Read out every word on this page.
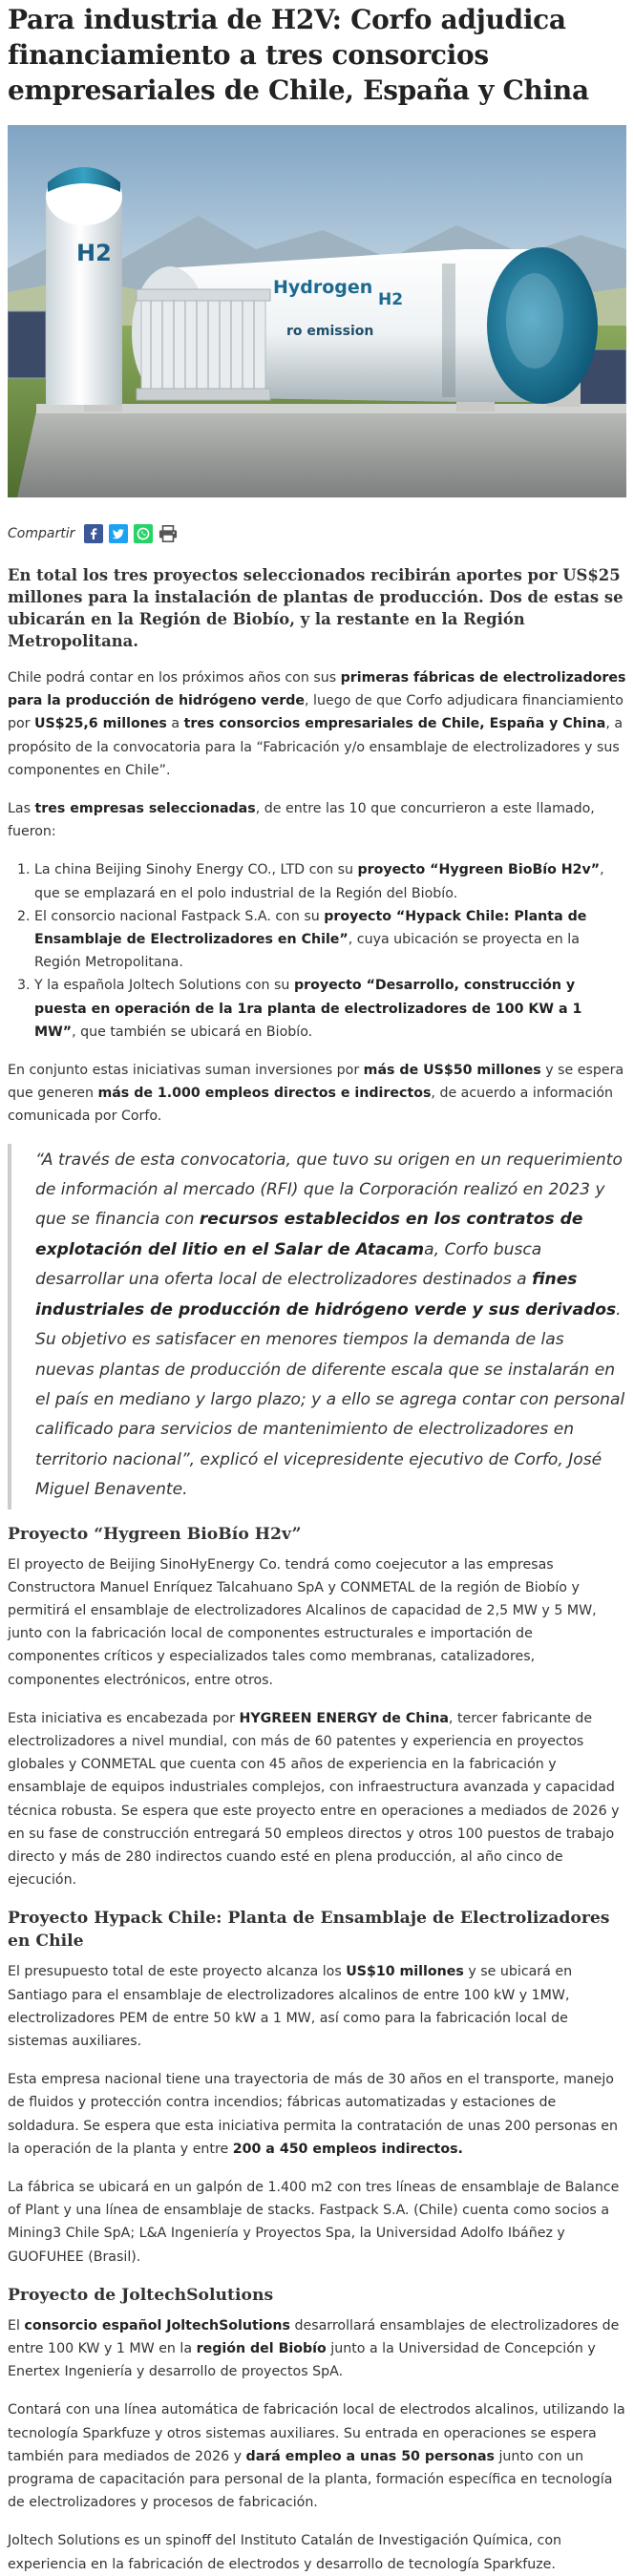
Para industria de H2V: Corfo adjudica financiamiento a tres consorcios empresariales de Chile, España y China
H2
Hydrogen
H2
ro emission
Compartir

En total los tres proyectos seleccionados recibirán aportes por US$25 millones para la instalación de plantas de producción. Dos de estas se ubicarán en la Región de Biobío, y la restante en la Región Metropolitana.

Chile podrá contar en los próximos años con sus primeras fábricas de electrolizadores para la producción de hidrógeno verde, luego de que Corfo adjudicara financiamiento por US$25,6 millones a tres consorcios empresariales de Chile, España y China, a propósito de la convocatoria para la “Fabricación y/o ensamblaje de electrolizadores y sus componentes en Chile”.

Las tres empresas seleccionadas, de entre las 10 que concurrieron a este llamado, fueron:

1. La china Beijing Sinohy Energy CO., LTD con su proyecto “Hygreen BioBío H2v”, que se emplazará en el polo industrial de la Región del Biobío.
2. El consorcio nacional Fastpack S.A. con su proyecto “Hypack Chile: Planta de Ensamblaje de Electrolizadores en Chile”, cuya ubicación se proyecta en la Región Metropolitana.
3. Y la española Joltech Solutions con su proyecto “Desarrollo, construcción y puesta en operación de la 1ra planta de electrolizadores de 100 KW a 1 MW”, que también se ubicará en Biobío.

En conjunto estas iniciativas suman inversiones por más de US$50 millones y se espera que generen más de 1.000 empleos directos e indirectos, de acuerdo a información comunicada por Corfo.

“A través de esta convocatoria, que tuvo su origen en un requerimiento de información al mercado (RFI) que la Corporación realizó en 2023 y que se financia con recursos establecidos en los contratos de explotación del litio en el Salar de Atacama, Corfo busca desarrollar una oferta local de electrolizadores destinados a fines industriales de producción de hidrógeno verde y sus derivados. Su objetivo es satisfacer en menores tiempos la demanda de las nuevas plantas de producción de diferente escala que se instalarán en el país en mediano y largo plazo; y a ello se agrega contar con personal calificado para servicios de mantenimiento de electrolizadores en territorio nacional”, explicó el vicepresidente ejecutivo de Corfo, José Miguel Benavente.

Proyecto “Hygreen BioBío H2v”

El proyecto de Beijing SinoHyEnergy Co. tendrá como coejecutor a las empresas Constructora Manuel Enríquez Talcahuano SpA y CONMETAL de la región de Biobío y permitirá el ensamblaje de electrolizadores Alcalinos de capacidad de 2,5 MW y 5 MW, junto con la fabricación local de componentes estructurales e importación de componentes críticos y especializados tales como membranas, catalizadores, componentes electrónicos, entre otros.

Esta iniciativa es encabezada por HYGREEN ENERGY de China, tercer fabricante de electrolizadores a nivel mundial, con más de 60 patentes y experiencia en proyectos globales y CONMETAL que cuenta con 45 años de experiencia en la fabricación y ensamblaje de equipos industriales complejos, con infraestructura avanzada y capacidad técnica robusta. Se espera que este proyecto entre en operaciones a mediados de 2026 y en su fase de construcción entregará 50 empleos directos y otros 100 puestos de trabajo directo y más de 280 indirectos cuando esté en plena producción, al año cinco de ejecución.

Proyecto Hypack Chile: Planta de Ensamblaje de Electrolizadores en Chile

El presupuesto total de este proyecto alcanza los US$10 millones y se ubicará en Santiago para el ensamblaje de electrolizadores alcalinos de entre 100 kW y 1MW, electrolizadores PEM de entre 50 kW a 1 MW, así como para la fabricación local de sistemas auxiliares.

Esta empresa nacional tiene una trayectoria de más de 30 años en el transporte, manejo de fluidos y protección contra incendios; fábricas automatizadas y estaciones de soldadura. Se espera que esta iniciativa permita la contratación de unas 200 personas en la operación de la planta y entre 200 a 450 empleos indirectos.

La fábrica se ubicará en un galpón de 1.400 m2 con tres líneas de ensamblaje de Balance of Plant y una línea de ensamblaje de stacks. Fastpack S.A. (Chile) cuenta como socios a Mining3 Chile SpA; L&A Ingeniería y Proyectos Spa, la Universidad Adolfo Ibáñez y GUOFUHEE (Brasil).

Proyecto de JoltechSolutions

El consorcio español JoltechSolutions desarrollará ensamblajes de electrolizadores de entre 100 KW y 1 MW en la región del Biobío junto a la Universidad de Concepción y Enertex Ingeniería y desarrollo de proyectos SpA.

Contará con una línea automática de fabricación local de electrodos alcalinos, utilizando la tecnología Sparkfuze y otros sistemas auxiliares. Su entrada en operaciones se espera también para mediados de 2026 y dará empleo a unas 50 personas junto con un programa de capacitación para personal de la planta, formación específica en tecnología de electrolizadores y procesos de fabricación.

Joltech Solutions es un spinoff del Instituto Catalán de Investigación Química, con experiencia en la fabricación de electrodos y desarrollo de tecnología Sparkfuze.
